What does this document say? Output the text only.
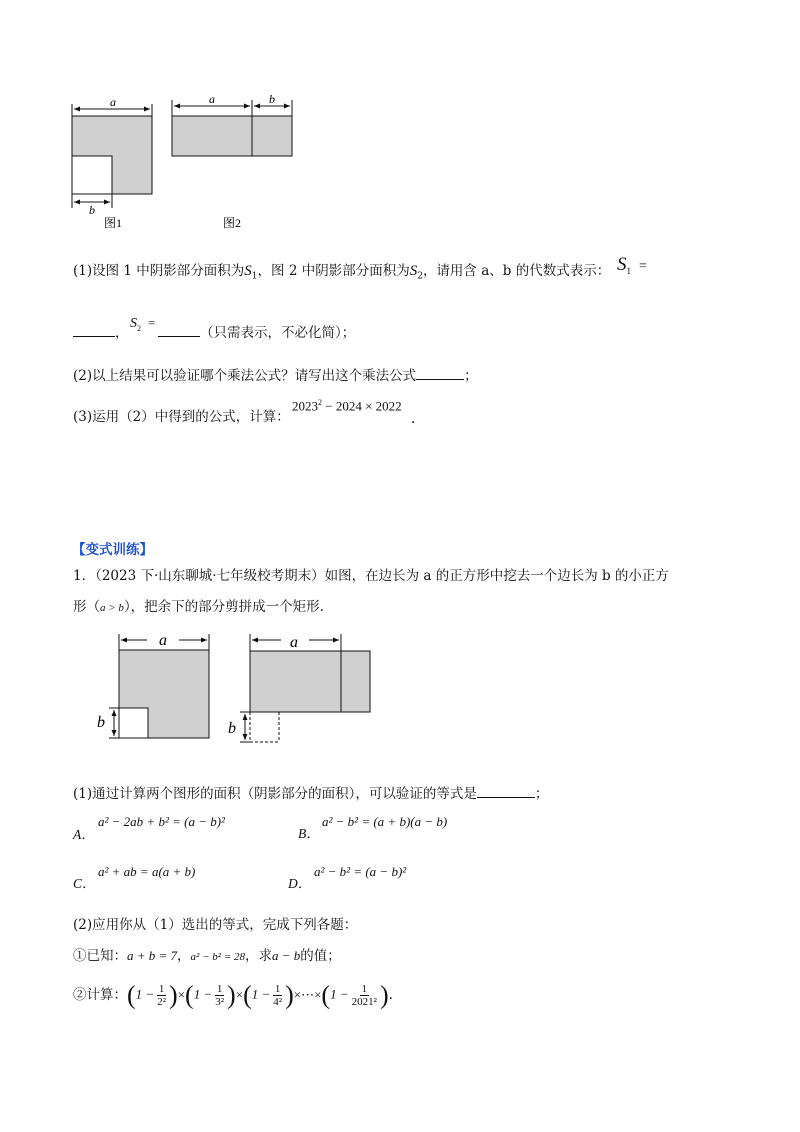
a
b
图1
a	b
图2
(1)设图 1 中阴影部分面积为$S_1$，图 2 中阴影部分面积为$S_2$，请用含 a、b 的代数式表示： $S_1$ =
，
$S_2$ =
（只需表示，不必化简）；
(2)以上结果可以验证哪个乘法公式？请写出这个乘法公式	；
(3)运用（2）中得到的公式，计算：
$2023^2 - 2024 \times 2022$
.
【变式训练】
1．（2023 下·山东聊城·七年级校考期末）如图，在边长为 a 的正方形中挖去一个边长为 b 的小正方
形（a > b），把余下的部分剪拼成一个矩形.
a
b
a
b
(1)通过计算两个图形的面积（阴影部分的面积），可以验证的等式是	；
A．
a² − 2ab + b² = (a − b)²
B．
a² − b² = (a + b)(a − b)
C．
a² + ab = a(a + b)
D．
a² − b² = (a − b)²
(2)应用你从（1）选出的等式，完成下列各题：
①已知：a + b = 7，a² − b² = 28，求a − b的值；
②计算： ($1 - \frac{1}{\text{2²}}$ ) × ($1 - \frac{1}{\text{3²}}$ ) × ($1 - \frac{1}{\text{4²}}$ ) ×⋯× ($1 - \frac{1}{\text{2021²}}$ ) .
